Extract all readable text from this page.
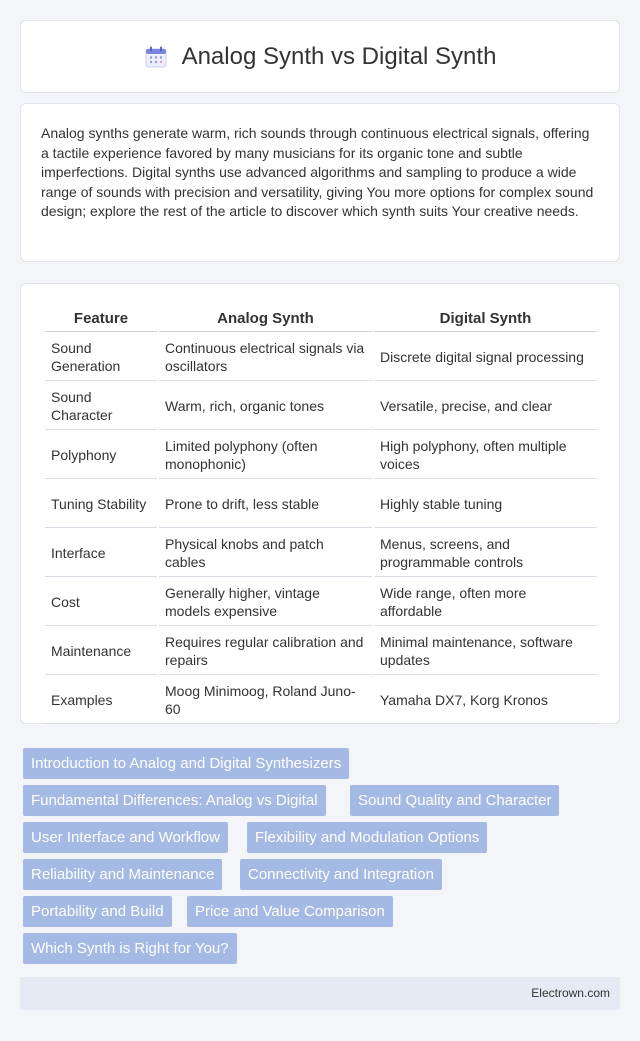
Analog Synth vs Digital Synth

Analog synths generate warm, rich sounds through continuous electrical signals, offering a tactile experience favored by many musicians for its organic tone and subtle imperfections. Digital synths use advanced algorithms and sampling to produce a wide range of sounds with precision and versatility, giving You more options for complex sound design; explore the rest of the article to discover which synth suits Your creative needs.

Feature	Analog Synth	Digital Synth
Sound Generation	Continuous electrical signals via oscillators	Discrete digital signal processing
Sound Character	Warm, rich, organic tones	Versatile, precise, and clear
Polyphony	Limited polyphony (often monophonic)	High polyphony, often multiple voices
Tuning Stability	Prone to drift, less stable	Highly stable tuning
Interface	Physical knobs and patch cables	Menus, screens, and programmable controls
Cost	Generally higher, vintage models expensive	Wide range, often more affordable
Maintenance	Requires regular calibration and repairs	Minimal maintenance, software updates
Examples	Moog Minimoog, Roland Juno-60	Yamaha DX7, Korg Kronos
Introduction to Analog and Digital Synthesizers
Fundamental Differences: Analog vs Digital	Sound Quality and Character
User Interface and Workflow	Flexibility and Modulation Options
Reliability and Maintenance	Connectivity and Integration
Portability and Build	Price and Value Comparison
Which Synth is Right for You?
Electrown.com
